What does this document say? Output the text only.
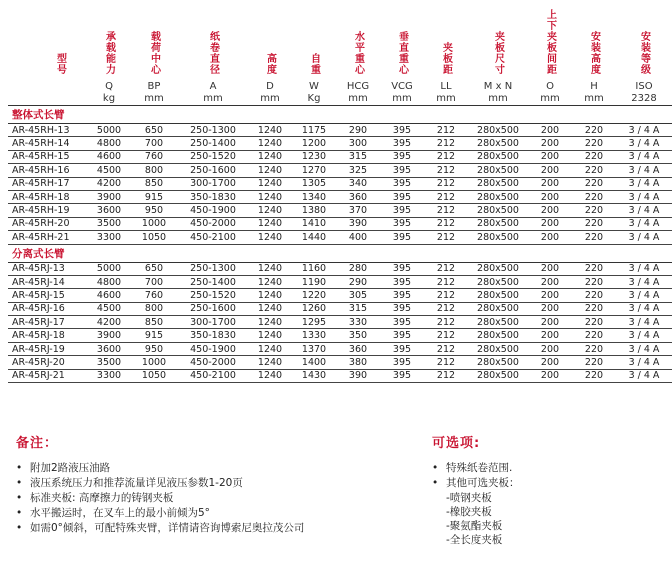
型号	承载能力	载荷中心	纸卷直径	高度	自重	水平重心	垂直重心	夹板距	夹板尺寸	上下夹板间距	安装高度	安装等级
	Q	BP	A	D	W	HCG	VCG	LL	M x N	O	H	ISO
	kg	mm	mm	mm	Kg	mm	mm	mm	mm	mm	mm	2328
整体式长臂												
AR-45RH-13	5000	650	250-1300	1240	1175	290	395	212	280x500	200	220	3 / 4 A
AR-45RH-14	4800	700	250-1400	1240	1200	300	395	212	280x500	200	220	3 / 4 A
AR-45RH-15	4600	760	250-1520	1240	1230	315	395	212	280x500	200	220	3 / 4 A
AR-45RH-16	4500	800	250-1600	1240	1270	325	395	212	280x500	200	220	3 / 4 A
AR-45RH-17	4200	850	300-1700	1240	1305	340	395	212	280x500	200	220	3 / 4 A
AR-45RH-18	3900	915	350-1830	1240	1340	360	395	212	280x500	200	220	3 / 4 A
AR-45RH-19	3600	950	450-1900	1240	1380	370	395	212	280x500	200	220	3 / 4 A
AR-45RH-20	3500	1000	450-2000	1240	1410	390	395	212	280x500	200	220	3 / 4 A
AR-45RH-21	3300	1050	450-2100	1240	1440	400	395	212	280x500	200	220	3 / 4 A
分离式长臂												
AR-45RJ-13	5000	650	250-1300	1240	1160	280	395	212	280x500	200	220	3 / 4 A
AR-45RJ-14	4800	700	250-1400	1240	1190	290	395	212	280x500	200	220	3 / 4 A
AR-45RJ-15	4600	760	250-1520	1240	1220	305	395	212	280x500	200	220	3 / 4 A
AR-45RJ-16	4500	800	250-1600	1240	1260	315	395	212	280x500	200	220	3 / 4 A
AR-45RJ-17	4200	850	300-1700	1240	1295	330	395	212	280x500	200	220	3 / 4 A
AR-45RJ-18	3900	915	350-1830	1240	1330	350	395	212	280x500	200	220	3 / 4 A
AR-45RJ-19	3600	950	450-1900	1240	1370	360	395	212	280x500	200	220	3 / 4 A
AR-45RJ-20	3500	1000	450-2000	1240	1400	380	395	212	280x500	200	220	3 / 4 A
AR-45RJ-21	3300	1050	450-2100	1240	1430	390	395	212	280x500	200	220	3 / 4 A
备注：
• 附加2路液压油路
• 液压系统压力和推荐流量详见液压参数1-20页
• 标准夹板: 高摩擦力的铸钢夹板
• 水平搬运时，在叉车上的最小前倾为5°
• 如需0°倾斜，可配特殊夹臂，详情请咨询博索尼奥拉茂公司
可选项:
• 特殊纸卷范围.
• 其他可选夹板：
-喷钢夹板
-橡胶夹板
-聚氨酯夹板
-全长度夹板
